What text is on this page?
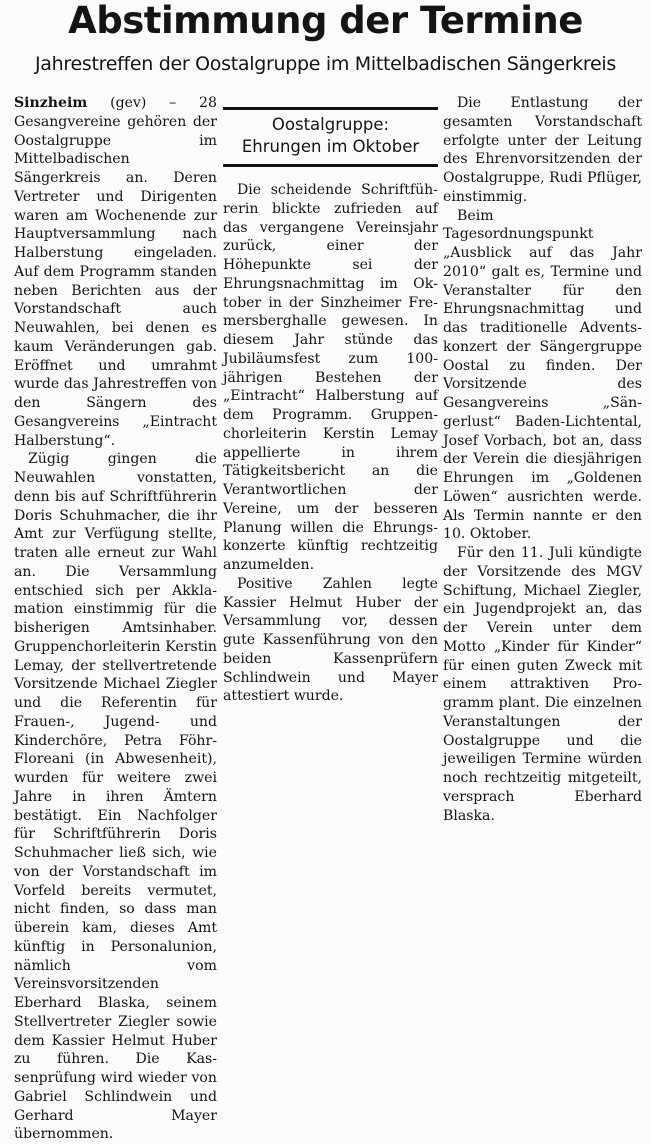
Abstimmung der Termine
Jahrestreffen der Oostalgruppe im Mittelbadischen Sängerkreis

Sinzheim (gev) – 28 Gesangvereine gehören der Oostalgruppe im Mittelbadischen Sängerkreis an. Deren Vertreter und Dirigenten waren am Wochenende zur Hauptversammlung nach Halberstung eingeladen. Auf dem Programm standen neben Berichten aus der Vorstandschaft auch Neuwahlen, bei denen es kaum Veränderungen gab. Eröffnet und umrahmt wurde das Jahrestreffen von den Sängern des Gesangvereins „Eintracht Halberstung“.

Zügig gingen die Neuwahlen vonstatten, denn bis auf Schriftführerin Doris Schuhmacher, die ihr Amt zur Verfügung stellte, traten alle erneut zur Wahl an. Die Versammlung entschied sich per Akklamation einstimmig für die bisherigen Amtsinhaber. Gruppenchorleiterin Kerstin Lemay, der stellvertretende Vorsitzende Michael Ziegler und die Referentin für Frauen-, Jugend- und Kinderchöre, Petra Föhr-Floreani (in Abwesenheit), wurden für weitere zwei Jahre in ihren Ämtern bestätigt. Ein Nachfolger für Schriftführerin Doris Schuhmacher ließ sich, wie von der Vorstandschaft im Vorfeld bereits vermutet, nicht finden, so dass man überein kam, dieses Amt künftig in Personalunion, nämlich vom Vereinsvorsitzenden Eberhard Blaska, seinem Stellvertreter Ziegler sowie dem Kassier Helmut Huber zu führen. Die Kassenprüfung wird wieder von Gabriel Schlindwein und Gerhard Mayer übernommen.

Oostalgruppe:
Ehrungen im Oktober

Die scheidende Schriftführerin blickte zufrieden auf das vergangene Vereinsjahr zurück, einer der Höhepunkte sei der Ehrungsnachmittag im Oktober in der Sinzheimer Fremersberghalle gewesen. In diesem Jahr stünde das Jubiläumsfest zum 100-jährigen Bestehen der „Eintracht“ Halberstung auf dem Programm. Gruppenchorleiterin Kerstin Lemay appellierte in ihrem Tätigkeitsbericht an die Verantwortlichen der Vereine, um der besseren Planung willen die Ehrungskonzerte künftig rechtzeitig anzumelden.

Positive Zahlen legte Kassier Helmut Huber der Versammlung vor, dessen gute Kassenführung von den beiden Kassenprüfern Schlindwein und Mayer attestiert wurde.

Die Entlastung der gesamten Vorstandschaft erfolgte unter der Leitung des Ehrenvorsitzenden der Oostalgruppe, Rudi Pflüger, einstimmig.

Beim Tagesordnungspunkt „Ausblick auf das Jahr 2010“ galt es, Termine und Veranstalter für den Ehrungsnachmittag und das traditionelle Adventskonzert der Sängergruppe Oostal zu finden. Der Vorsitzende des Gesangvereins „Sängerlust“ Baden-Lichtental, Josef Vorbach, bot an, dass der Verein die diesjährigen Ehrungen im „Goldenen Löwen“ ausrichten werde. Als Termin nannte er den 10. Oktober.

Für den 11. Juli kündigte der Vorsitzende des MGV Schiftung, Michael Ziegler, ein Jugendprojekt an, das der Verein unter dem Motto „Kinder für Kinder“ für einen guten Zweck mit einem attraktiven Programm plant. Die einzelnen Veranstaltungen der Oostalgruppe und die jeweiligen Termine würden noch rechtzeitig mitgeteilt, versprach Eberhard Blaska.
